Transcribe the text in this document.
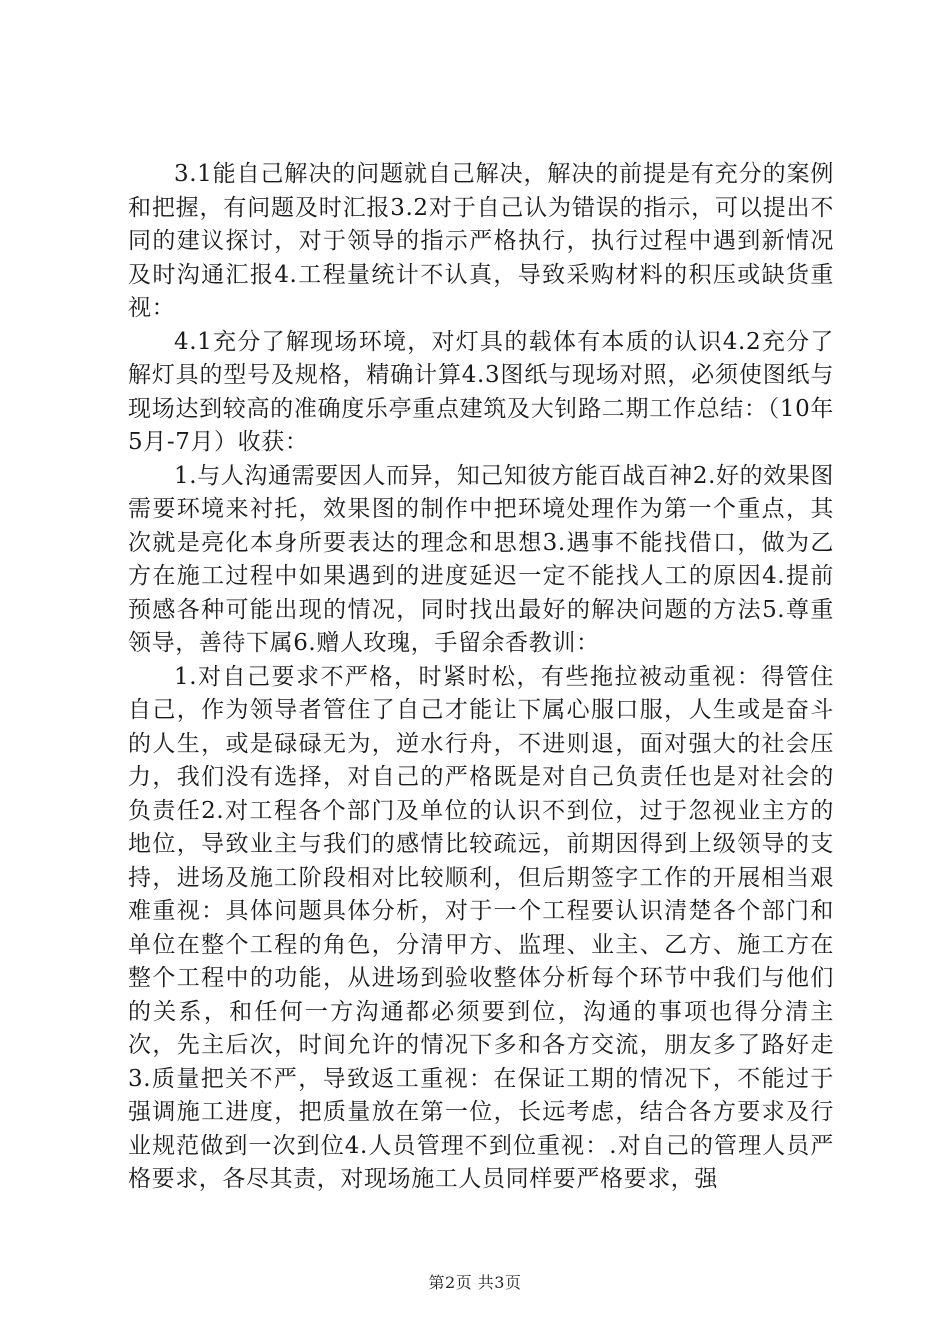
3.1能自己解决的问题就自己解决，解决的前提是有充分的案例和把握，有问题及时汇报3.2对于自己认为错误的指示，可以提出不同的建议探讨，对于领导的指示严格执行，执行过程中遇到新情况及时沟通汇报4.工程量统计不认真，导致采购材料的积压或缺货重视：

4.1充分了解现场环境，对灯具的载体有本质的认识4.2充分了解灯具的型号及规格，精确计算4.3图纸与现场对照，必须使图纸与现场达到较高的准确度乐亭重点建筑及大钊路二期工作总结：（10年5月-7月）收获：

1.与人沟通需要因人而异，知己知彼方能百战百神2.好的效果图需要环境来衬托，效果图的制作中把环境处理作为第一个重点，其次就是亮化本身所要表达的理念和思想3.遇事不能找借口，做为乙方在施工过程中如果遇到的进度延迟一定不能找人工的原因4.提前预感各种可能出现的情况，同时找出最好的解决问题的方法5.尊重领导，善待下属6.赠人玫瑰，手留余香教训：

1.对自己要求不严格，时紧时松，有些拖拉被动重视：得管住自己，作为领导者管住了自己才能让下属心服口服，人生或是奋斗的人生，或是碌碌无为，逆水行舟，不进则退，面对强大的社会压力，我们没有选择，对自己的严格既是对自己负责任也是对社会的负责任2.对工程各个部门及单位的认识不到位，过于忽视业主方的地位，导致业主与我们的感情比较疏远，前期因得到上级领导的支持，进场及施工阶段相对比较顺利，但后期签字工作的开展相当艰难重视：具体问题具体分析，对于一个工程要认识清楚各个部门和单位在整个工程的角色，分清甲方、监理、业主、乙方、施工方在整个工程中的功能，从进场到验收整体分析每个环节中我们与他们的关系，和任何一方沟通都必须要到位，沟通的事项也得分清主次，先主后次，时间允许的情况下多和各方交流，朋友多了路好走3.质量把关不严，导致返工重视：在保证工期的情况下，不能过于强调施工进度，把质量放在第一位，长远考虑，结合各方要求及行业规范做到一次到位4.人员管理不到位重视：.对自己的管理人员严格要求，各尽其责，对现场施工人员同样要严格要求，强

第2页 共3页
